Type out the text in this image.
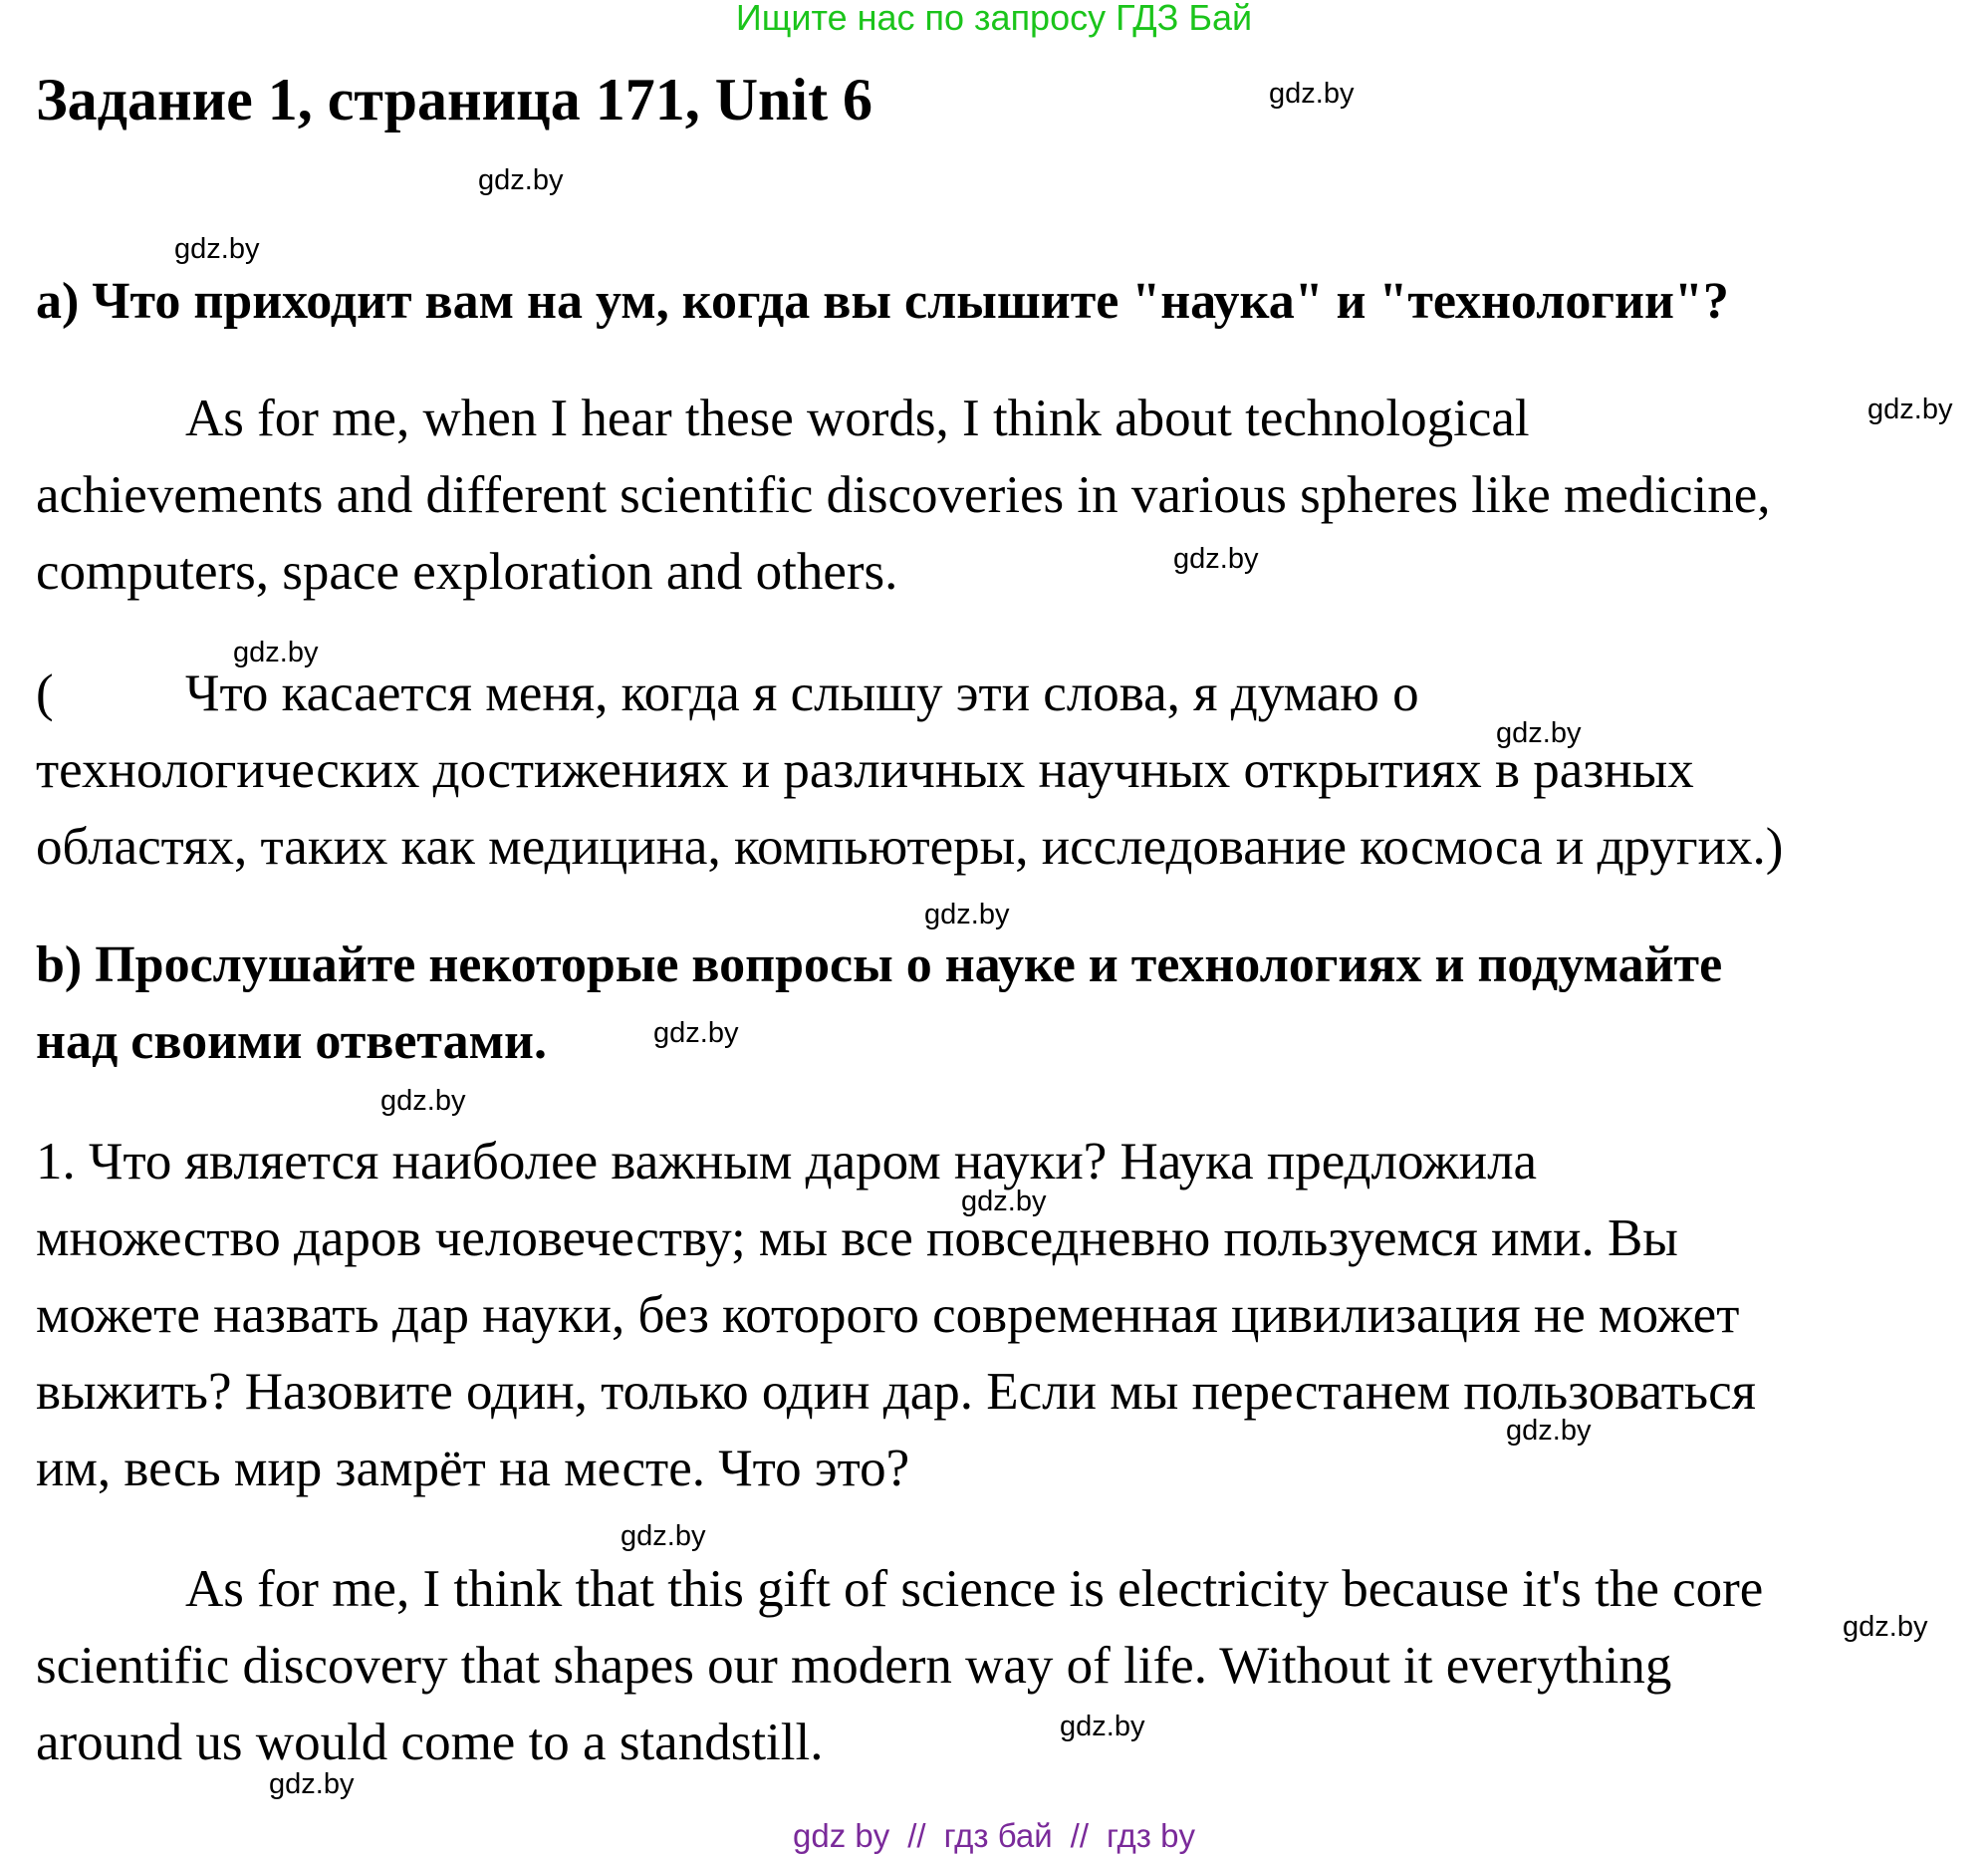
Ищите нас по запросу ГДЗ Бай
Задание 1, страница 171, Unit 6

a) Что приходит вам на ум, когда вы слышите "наука" и "технологии"?

As for me, when I hear these words, I think about technological

achievements and different scientific discoveries in various spheres like medicine,

computers, space exploration and others.

( Что касается меня, когда я слышу эти слова, я думаю о

технологических достижениях и различных научных открытиях в разных

областях, таких как медицина, компьютеры, исследование космоса и других.)

b) Прослушайте некоторые вопросы о науке и технологиях и подумайте

над своими ответами.

1. Что является наиболее важным даром науки? Наука предложила

множество даров человечеству; мы все повседневно пользуемся ими. Вы

можете назвать дар науки, без которого современная цивилизация не может

выжить? Назовите один, только один дар. Если мы перестанем пользоваться

им, весь мир замрёт на месте. Что это?

As for me, I think that this gift of science is electricity because it's the core

scientific discovery that shapes our modern way of life. Without it everything

around us would come to a standstill.

gdz.by
gdz.by
gdz.by
gdz.by
gdz.by
gdz.by
gdz.by
gdz.by
gdz.by
gdz.by
gdz.by
gdz.by
gdz.by
gdz.by
gdz.by
gdz.by
gdz by // гдз бай // гдз by
